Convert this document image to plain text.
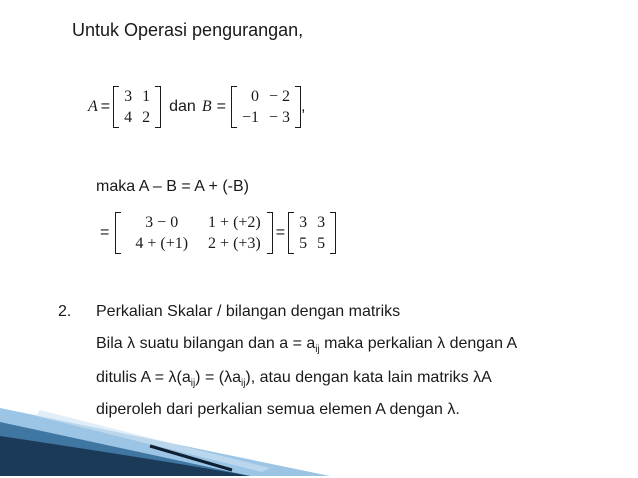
Untuk Operasi pengurangan,
A =
3	1
4	2
dan B =
0	− 2
−1	− 3
,
maka A – B = A + (-B)
=
3 − 0	1 + (+2)
4 + (+1)	2 + (+3)
=
3	3
5	5
2. Perkalian Skalar / bilangan dengan matriks
Bila λ suatu bilangan dan $a = a_{ij}$ maka perkalian λ dengan A
ditulis $A = \lambda(a_{ij}) = (\lambda a_{ij})$, atau dengan kata lain matriks λA
diperoleh dari perkalian semua elemen A dengan λ.
